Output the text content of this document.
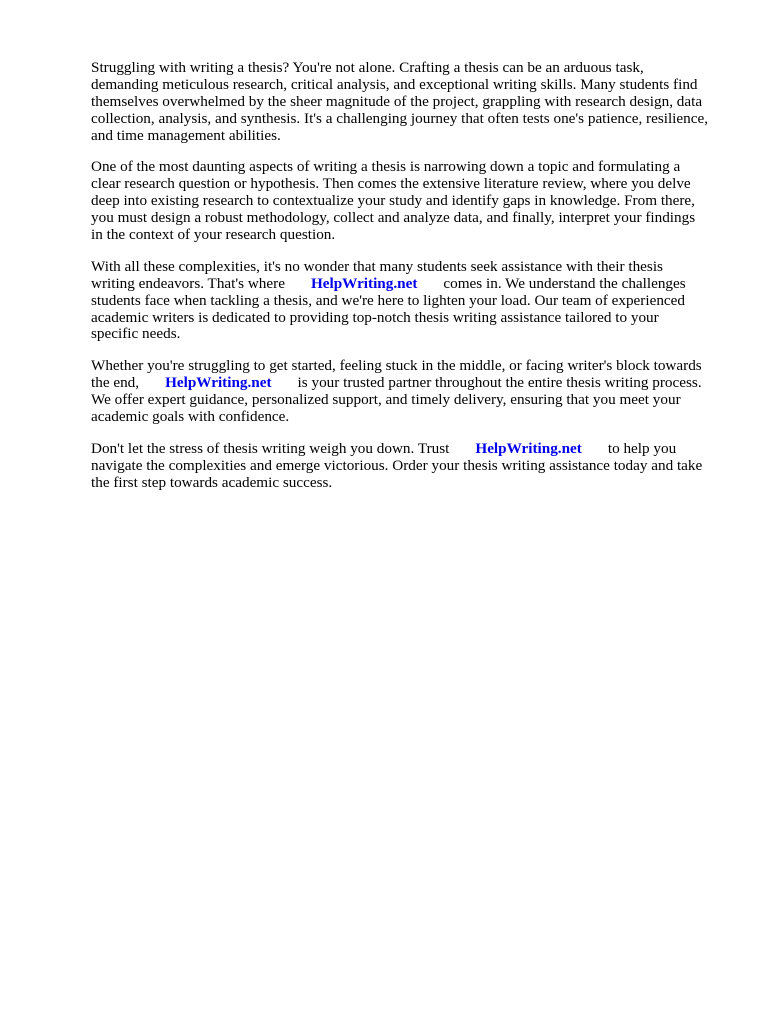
Struggling with writing a thesis? You're not alone. Crafting a thesis can be an arduous task,
demanding meticulous research, critical analysis, and exceptional writing skills. Many students find
themselves overwhelmed by the sheer magnitude of the project, grappling with research design, data
collection, analysis, and synthesis. It's a challenging journey that often tests one's patience, resilience,
and time management abilities.

One of the most daunting aspects of writing a thesis is narrowing down a topic and formulating a
clear research question or hypothesis. Then comes the extensive literature review, where you delve
deep into existing research to contextualize your study and identify gaps in knowledge. From there,
you must design a robust methodology, collect and analyze data, and finally, interpret your findings
in the context of your research question.

With all these complexities, it's no wonder that many students seek assistance with their thesis
writing endeavors. That's where HelpWriting.net comes in. We understand the challenges
students face when tackling a thesis, and we're here to lighten your load. Our team of experienced
academic writers is dedicated to providing top-notch thesis writing assistance tailored to your
specific needs.

Whether you're struggling to get started, feeling stuck in the middle, or facing writer's block towards
the end, HelpWriting.net is your trusted partner throughout the entire thesis writing process.
We offer expert guidance, personalized support, and timely delivery, ensuring that you meet your
academic goals with confidence.

Don't let the stress of thesis writing weigh you down. Trust HelpWriting.net to help you
navigate the complexities and emerge victorious. Order your thesis writing assistance today and take
the first step towards academic success.
